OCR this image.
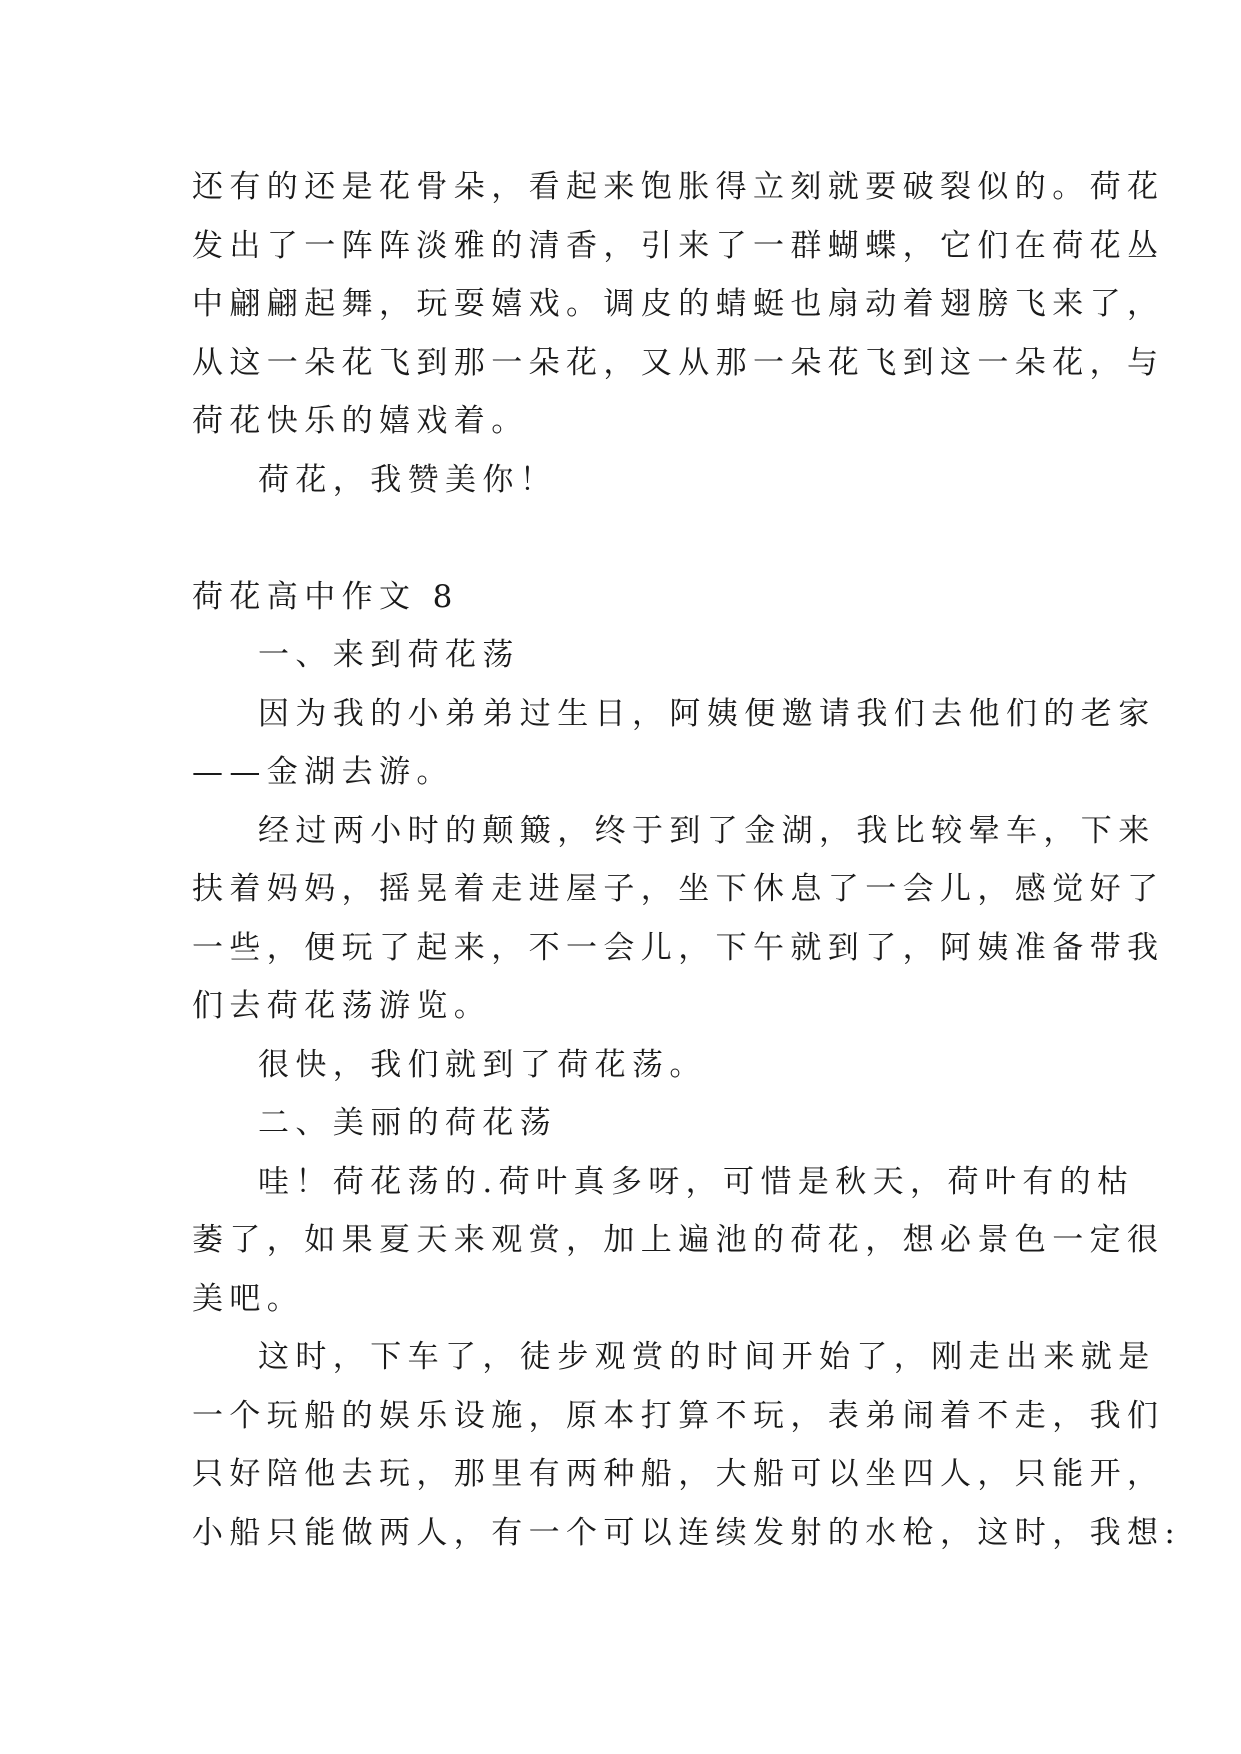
还有的还是花骨朵，看起来饱胀得立刻就要破裂似的。荷花
发出了一阵阵淡雅的清香，引来了一群蝴蝶，它们在荷花丛
中翩翩起舞，玩耍嬉戏。调皮的蜻蜓也扇动着翅膀飞来了，
从这一朵花飞到那一朵花，又从那一朵花飞到这一朵花，与
荷花快乐的嬉戏着。
荷花，我赞美你！
荷花高中作文 8
一、来到荷花荡
因为我的小弟弟过生日，阿姨便邀请我们去他们的老家
——金湖去游。
经过两小时的颠簸，终于到了金湖，我比较晕车，下来
扶着妈妈，摇晃着走进屋子，坐下休息了一会儿，感觉好了
一些，便玩了起来，不一会儿，下午就到了，阿姨准备带我
们去荷花荡游览。
很快，我们就到了荷花荡。
二、美丽的荷花荡
哇！荷花荡的.荷叶真多呀，可惜是秋天，荷叶有的枯
萎了，如果夏天来观赏，加上遍池的荷花，想必景色一定很
美吧。
这时，下车了，徒步观赏的时间开始了，刚走出来就是
一个玩船的娱乐设施，原本打算不玩，表弟闹着不走，我们
只好陪他去玩，那里有两种船，大船可以坐四人，只能开，
小船只能做两人，有一个可以连续发射的水枪，这时，我想:
